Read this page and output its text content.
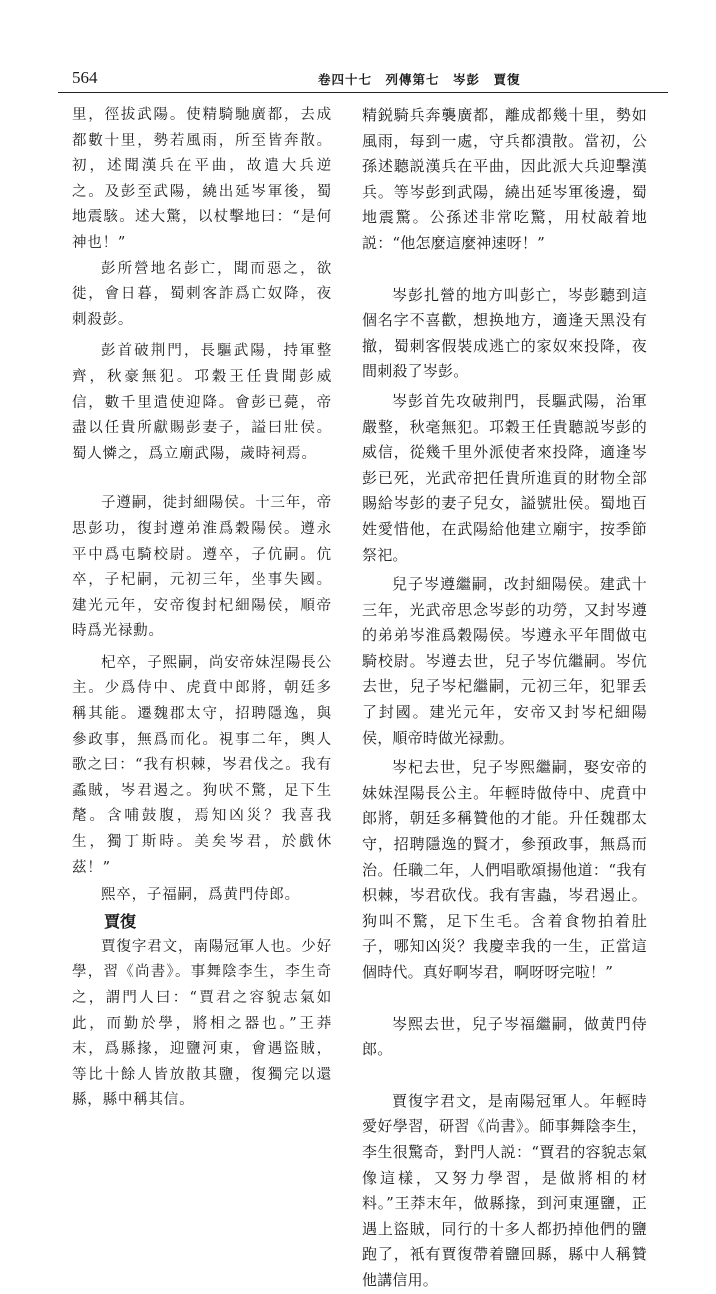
564	卷四十七　列傳第七　岑彭　賈復

里，徑拔武陽。使精騎馳廣都，去成都數十里，勢若風雨，所至皆奔散。初，述聞漢兵在平曲，故遣大兵逆之。及彭至武陽，繞出延岑軍後，蜀地震駭。述大驚，以杖擊地曰：“是何神也！”

彭所營地名彭亡，聞而惡之，欲徙，會日暮，蜀刺客詐爲亡奴降，夜刺殺彭。

彭首破荆門，長驅武陽，持軍整齊，秋豪無犯。邛穀王任貴聞彭威信，數千里遣使迎降。會彭已薨，帝盡以任貴所獻賜彭妻子，謚曰壯侯。蜀人憐之，爲立廟武陽，歲時祠焉。

子遵嗣，徙封細陽侯。十三年，帝思彭功，復封遵弟淮爲穀陽侯。遵永平中爲屯騎校尉。遵卒，子伉嗣。伉卒，子杞嗣，元初三年，坐事失國。建光元年，安帝復封杞細陽侯，順帝時爲光禄勳。

杞卒，子熙嗣，尚安帝妹涅陽長公主。少爲侍中、虎賁中郎將，朝廷多稱其能。遷魏郡太守，招聘隱逸，與參政事，無爲而化。視事二年，輿人歌之曰：“我有枳棘，岑君伐之。我有蟊賊，岑君遏之。狗吠不驚，足下生氂。含哺鼓腹，焉知凶災？我喜我生，獨丁斯時。美矣岑君，於戲休茲！”

熙卒，子福嗣，爲黄門侍郎。

賈復

賈復字君文，南陽冠軍人也。少好學，習《尚書》。事舞陰李生，李生奇之，謂門人曰：“賈君之容貌志氣如此，而勤於學，將相之器也。”王莽末，爲縣掾，迎鹽河東，會遇盜賊，等比十餘人皆放散其鹽，復獨完以還縣，縣中稱其信。

精鋭騎兵奔襲廣都，離成都幾十里，勢如風雨，每到一處，守兵都潰散。當初，公孫述聽説漢兵在平曲，因此派大兵迎擊漢兵。等岑彭到武陽，繞出延岑軍後邊，蜀地震驚。公孫述非常吃驚，用杖敲着地説：“他怎麼這麼神速呀！”

岑彭扎營的地方叫彭亡，岑彭聽到這個名字不喜歡，想换地方，適逢天黑没有撤，蜀刺客假裝成逃亡的家奴來投降，夜間刺殺了岑彭。

岑彭首先攻破荆門，長驅武陽，治軍嚴整，秋毫無犯。邛穀王任貴聽説岑彭的威信，從幾千里外派使者來投降，適逢岑彭已死，光武帝把任貴所進貢的財物全部賜給岑彭的妻子兒女，謚號壯侯。蜀地百姓愛惜他，在武陽給他建立廟宇，按季節祭祀。

兒子岑遵繼嗣，改封細陽侯。建武十三年，光武帝思念岑彭的功勞，又封岑遵的弟弟岑淮爲穀陽侯。岑遵永平年間做屯騎校尉。岑遵去世，兒子岑伉繼嗣。岑伉去世，兒子岑杞繼嗣，元初三年，犯罪丢了封國。建光元年，安帝又封岑杞細陽侯，順帝時做光禄勳。

岑杞去世，兒子岑熙繼嗣，娶安帝的妹妹涅陽長公主。年輕時做侍中、虎賁中郎將，朝廷多稱贊他的才能。升任魏郡太守，招聘隱逸的賢才，參預政事，無爲而治。任職二年，人們唱歌頌揚他道：“我有枳棘，岑君砍伐。我有害蟲，岑君遏止。狗叫不驚，足下生毛。含着食物拍着肚子，哪知凶災？我慶幸我的一生，正當這個時代。真好啊岑君，啊呀呀完啦！”

岑熙去世，兒子岑福繼嗣，做黄門侍郎。

賈復字君文，是南陽冠軍人。年輕時愛好學習，研習《尚書》。師事舞陰李生，李生很驚奇，對門人説：“賈君的容貌志氣像這樣，又努力學習，是做將相的材料。”王莽末年，做縣掾，到河東運鹽，正遇上盜賊，同行的十多人都扔掉他們的鹽跑了，衹有賈復帶着鹽回縣，縣中人稱贊他講信用。
